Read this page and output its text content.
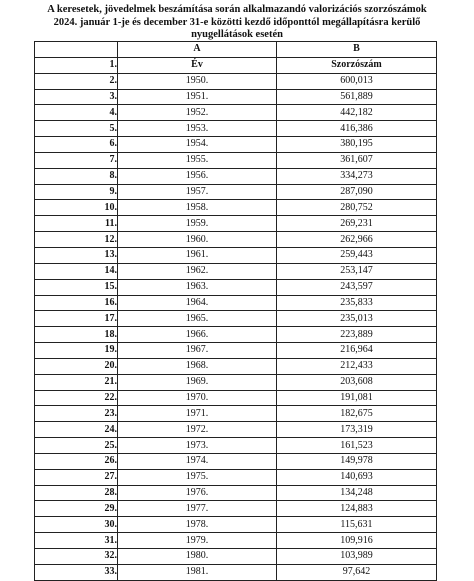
A keresetek, jövedelmek beszámítása során alkalmazandó valorizációs szorzószámok
2024. január 1-je és december 31-e közötti kezdő időponttól megállapításra kerülő
nyugellátások esetén
	A	B
1.	Év	Szorzószám
2.	1950.	600,013
3.	1951.	561,889
4.	1952.	442,182
5.	1953.	416,386
6.	1954.	380,195
7.	1955.	361,607
8.	1956.	334,273
9.	1957.	287,090
10.	1958.	280,752
11.	1959.	269,231
12.	1960.	262,966
13.	1961.	259,443
14.	1962.	253,147
15.	1963.	243,597
16.	1964.	235,833
17.	1965.	235,013
18.	1966.	223,889
19.	1967.	216,964
20.	1968.	212,433
21.	1969.	203,608
22.	1970.	191,081
23.	1971.	182,675
24.	1972.	173,319
25.	1973.	161,523
26.	1974.	149,978
27.	1975.	140,693
28.	1976.	134,248
29.	1977.	124,883
30.	1978.	115,631
31.	1979.	109,916
32.	1980.	103,989
33.	1981.	97,642
